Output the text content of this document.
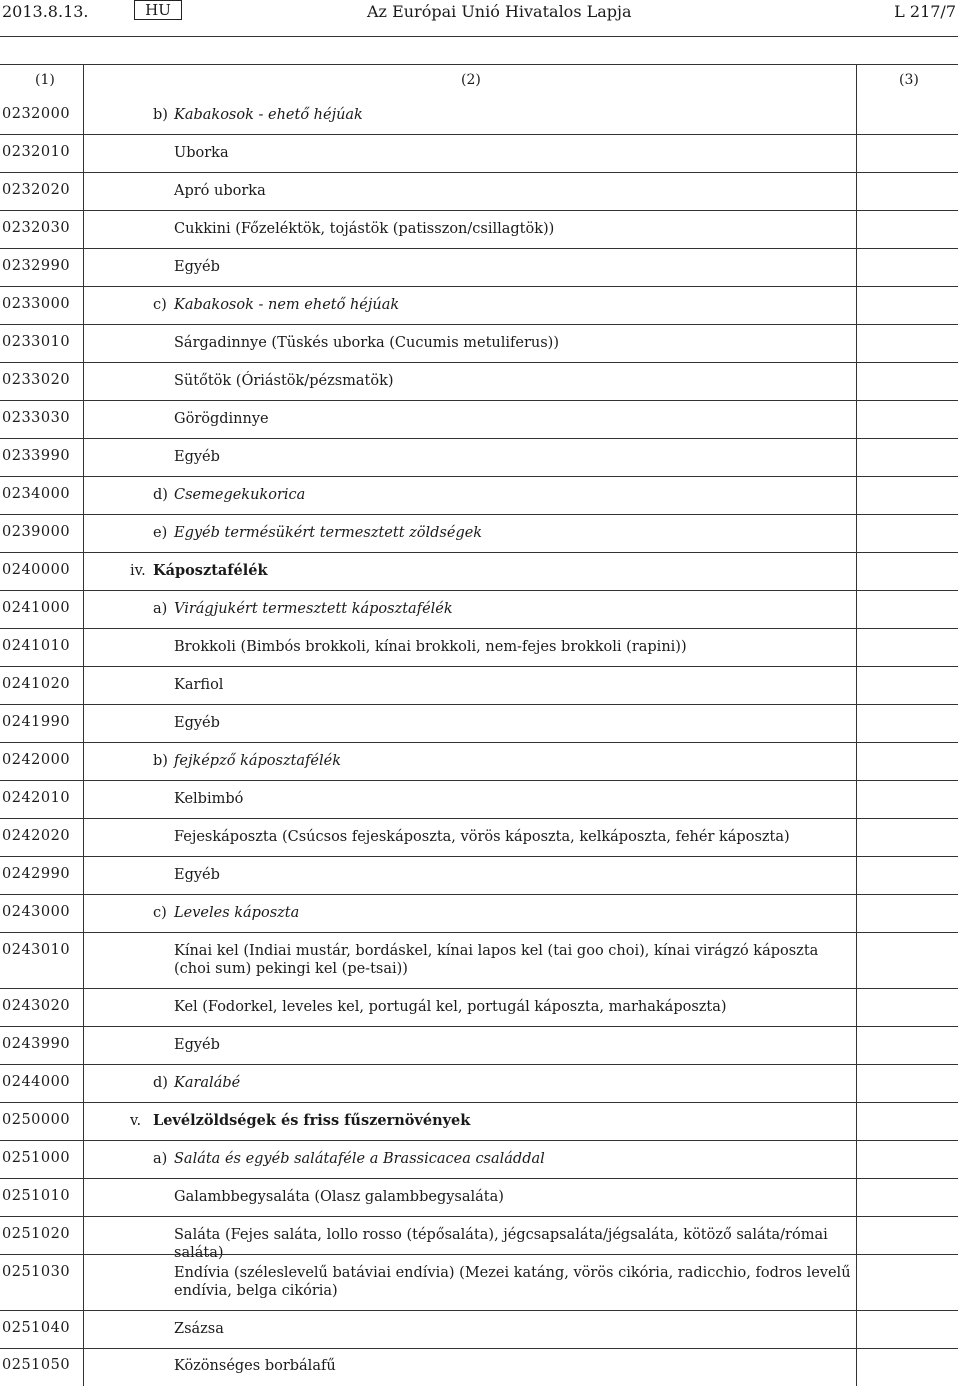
2013.8.13.	HU	Az Európai Unió Hivatalos Lapja	L 217/7
(1)	(2)	(3)
0232000	b)Kabakosok - ehető héjúak
0232010	Uborka
0232020	Apró uborka
0232030	Cukkini (Főzeléktök, tojástök (patisszon/csillagtök))
0232990	Egyéb
0233000	c)Kabakosok - nem ehető héjúak
0233010	Sárgadinnye (Tüskés uborka (Cucumis metuliferus))
0233020	Sütőtök (Óriástök/pézsmatök)
0233030	Görögdinnye
0233990	Egyéb
0234000	d)Csemegekukorica
0239000	e)Egyéb termésükért termesztett zöldségek
0240000	iv.Káposztafélék
0241000	a)Virágjukért termesztett káposztafélék
0241010	Brokkoli (Bimbós brokkoli, kínai brokkoli, nem-fejes brokkoli (rapini))
0241020	Karfiol
0241990	Egyéb
0242000	b)fejképző káposztafélék
0242010	Kelbimbó
0242020	Fejeskáposzta (Csúcsos fejeskáposzta, vörös káposzta, kelkáposzta, fehér káposzta)
0242990	Egyéb
0243000	c)Leveles káposzta
0243010	Kínai kel (Indiai mustár, bordáskel, kínai lapos kel (tai goo choi), kínai virágzó káposzta (choi sum) pekingi kel (pe-tsai))
0243020	Kel (Fodorkel, leveles kel, portugál kel, portugál káposzta, marhakáposzta)
0243990	Egyéb
0244000	d)Karalábé
0250000	v.Levélzöldségek és friss fűszernövények
0251000	a)Saláta és egyéb salátaféle a Brassicacea családdal
0251010	Galambbegysaláta (Olasz galambbegysaláta)
0251020	Saláta (Fejes saláta, lollo rosso (tépősaláta), jégcsapsaláta/jégsaláta, kötöző saláta/római saláta)
0251030	Endívia (széleslevelű batáviai endívia) (Mezei katáng, vörös cikória, radicchio, fodros levelű endívia, belga cikória)
0251040	Zsázsa
0251050	Közönséges borbálafű
